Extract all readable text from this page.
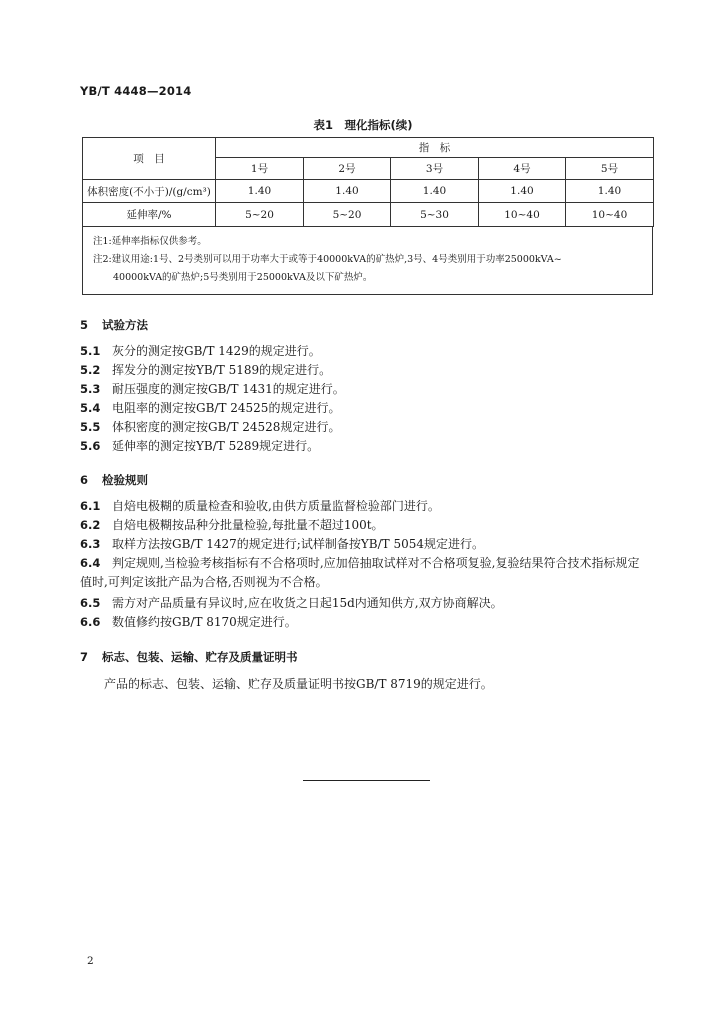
YB/T 4448—2014
表1　理化指标(续)
项　目	指　标				
	1号	2号	3号	4号	5号
体积密度(不小于)/(g/cm³)	1.40	1.40	1.40	1.40	1.40
延伸率/%	5~20	5~20	5~30	10~40	10~40
注1:延伸率指标仅供参考。
注2:建议用途:1号、2号类别可以用于功率大于或等于40000kVA的矿热炉,3号、4号类别用于功率25000kVA~
40000kVA的矿热炉;5号类别用于25000kVA及以下矿热炉。
5 试验方法
5.1 灰分的测定按GB/T 1429的规定进行。
5.2 挥发分的测定按YB/T 5189的规定进行。
5.3 耐压强度的测定按GB/T 1431的规定进行。
5.4 电阻率的测定按GB/T 24525的规定进行。
5.5 体积密度的测定按GB/T 24528规定进行。
5.6 延伸率的测定按YB/T 5289规定进行。
6 检验规则
6.1 自焙电极糊的质量检查和验收,由供方质量监督检验部门进行。
6.2 自焙电极糊按品种分批量检验,每批量不超过100t。
6.3 取样方法按GB/T 1427的规定进行;试样制备按YB/T 5054规定进行。
6.4 判定规则,当检验考核指标有不合格项时,应加倍抽取试样对不合格项复验,复验结果符合技术指标规定值时,可判定该批产品为合格,否则视为不合格。
6.5 需方对产品质量有异议时,应在收货之日起15d内通知供方,双方协商解决。
6.6 数值修约按GB/T 8170规定进行。
7 标志、包装、运输、贮存及质量证明书
产品的标志、包装、运输、贮存及质量证明书按GB/T 8719的规定进行。
2
